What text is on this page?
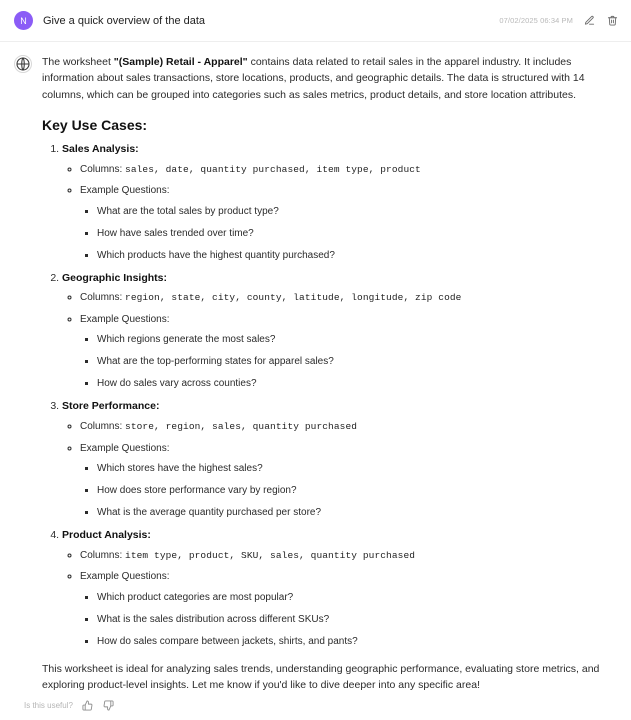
N	Give a quick overview of the data	07/02/2025 06:34 PM

The worksheet "(Sample) Retail - Apparel" contains data related to retail sales in the apparel industry. It includes information about sales transactions, store locations, products, and geographic details. The data is structured with 14 columns, which can be grouped into categories such as sales metrics, product details, and store location attributes.

Key Use Cases:
1. Sales Analysis:
◦ Columns: sales, date, quantity purchased, item type, product
◦ Example Questions:
▪ What are the total sales by product type?
▪ How have sales trended over time?
▪ Which products have the highest quantity purchased?
2. Geographic Insights:
◦ Columns: region, state, city, county, latitude, longitude, zip code
◦ Example Questions:
▪ Which regions generate the most sales?
▪ What are the top-performing states for apparel sales?
▪ How do sales vary across counties?
3. Store Performance:
◦ Columns: store, region, sales, quantity purchased
◦ Example Questions:
▪ Which stores have the highest sales?
▪ How does store performance vary by region?
▪ What is the average quantity purchased per store?
4. Product Analysis:
◦ Columns: item type, product, SKU, sales, quantity purchased
◦ Example Questions:
▪ Which product categories are most popular?
▪ What is the sales distribution across different SKUs?
▪ How do sales compare between jackets, shirts, and pants?

This worksheet is ideal for analyzing sales trends, understanding geographic performance, evaluating store metrics, and exploring product-level insights. Let me know if you'd like to dive deeper into any specific area!

Is this useful?
